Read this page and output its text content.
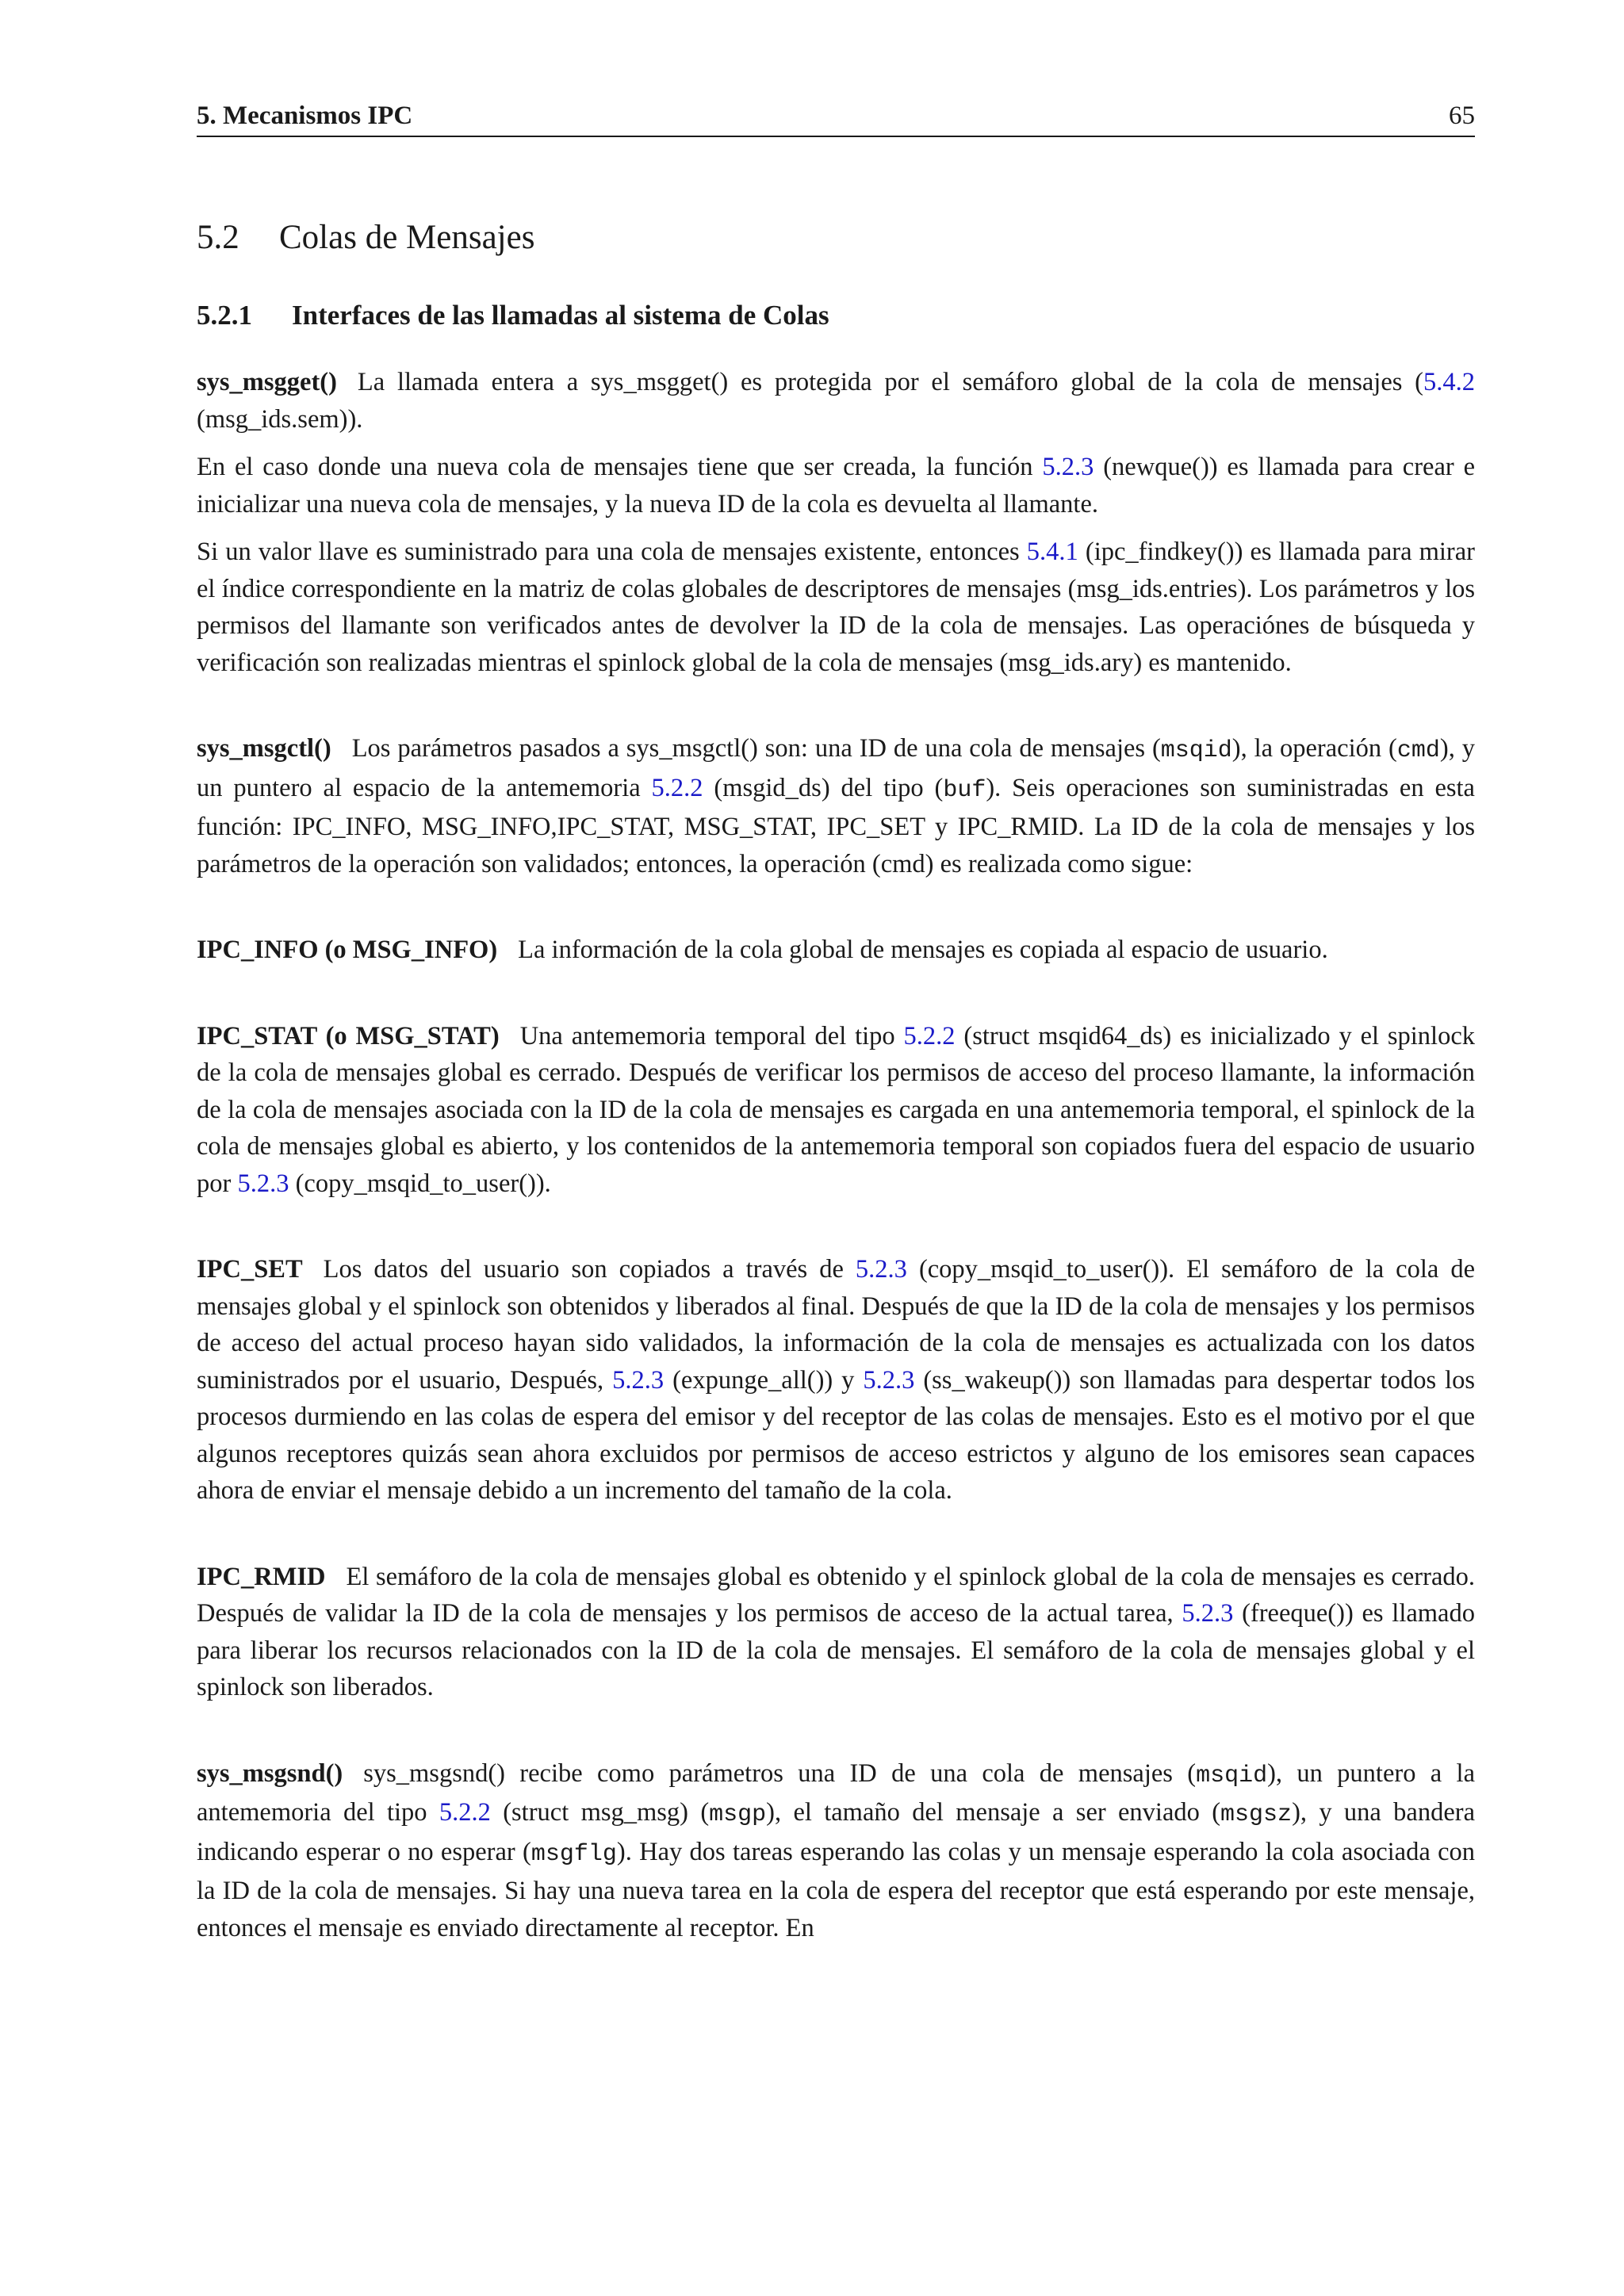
5. Mecanismos IPC	65
5.2 Colas de Mensajes
5.2.1 Interfaces de las llamadas al sistema de Colas

sys_msgget() La llamada entera a sys_msgget() es protegida por el semáforo global de la cola de mensajes (5.4.2 (msg_ids.sem)).

En el caso donde una nueva cola de mensajes tiene que ser creada, la función 5.2.3 (newque()) es llamada para crear e inicializar una nueva cola de mensajes, y la nueva ID de la cola es devuelta al llamante.

Si un valor llave es suministrado para una cola de mensajes existente, entonces 5.4.1 (ipc_findkey()) es llamada para mirar el índice correspondiente en la matriz de colas globales de descriptores de mensajes (msg_ids.entries). Los parámetros y los permisos del llamante son verificados antes de devolver la ID de la cola de mensajes. Las operaciónes de búsqueda y verificación son realizadas mientras el spinlock global de la cola de mensajes (msg_ids.ary) es mantenido.

sys_msgctl() Los parámetros pasados a sys_msgctl() son: una ID de una cola de mensajes (msqid), la operación (cmd), y un puntero al espacio de la antememoria 5.2.2 (msgid_ds) del tipo (buf). Seis operaciones son suministradas en esta función: IPC_INFO, MSG_INFO,IPC_STAT, MSG_STAT, IPC_SET y IPC_RMID. La ID de la cola de mensajes y los parámetros de la operación son validados; entonces, la operación (cmd) es realizada como sigue:

IPC_INFO (o MSG_INFO) La información de la cola global de mensajes es copiada al espacio de usuario.

IPC_STAT (o MSG_STAT) Una antememoria temporal del tipo 5.2.2 (struct msqid64_ds) es inicializado y el spinlock de la cola de mensajes global es cerrado. Después de verificar los permisos de acceso del proceso llamante, la información de la cola de mensajes asociada con la ID de la cola de mensajes es cargada en una antememoria temporal, el spinlock de la cola de mensajes global es abierto, y los contenidos de la antememoria temporal son copiados fuera del espacio de usuario por 5.2.3 (copy_msqid_to_user()).

IPC_SET Los datos del usuario son copiados a través de 5.2.3 (copy_msqid_to_user()). El semáforo de la cola de mensajes global y el spinlock son obtenidos y liberados al final. Después de que la ID de la cola de mensajes y los permisos de acceso del actual proceso hayan sido validados, la información de la cola de mensajes es actualizada con los datos suministrados por el usuario, Después, 5.2.3 (expunge_all()) y 5.2.3 (ss_wakeup()) son llamadas para despertar todos los procesos durmiendo en las colas de espera del emisor y del receptor de las colas de mensajes. Esto es el motivo por el que algunos receptores quizás sean ahora excluidos por permisos de acceso estrictos y alguno de los emisores sean capaces ahora de enviar el mensaje debido a un incremento del tamaño de la cola.

IPC_RMID El semáforo de la cola de mensajes global es obtenido y el spinlock global de la cola de mensajes es cerrado. Después de validar la ID de la cola de mensajes y los permisos de acceso de la actual tarea, 5.2.3 (freeque()) es llamado para liberar los recursos relacionados con la ID de la cola de mensajes. El semáforo de la cola de mensajes global y el spinlock son liberados.

sys_msgsnd() sys_msgsnd() recibe como parámetros una ID de una cola de mensajes (msqid), un puntero a la antememoria del tipo 5.2.2 (struct msg_msg) (msgp), el tamaño del mensaje a ser enviado (msgsz), y una bandera indicando esperar o no esperar (msgflg). Hay dos tareas esperando las colas y un mensaje esperando la cola asociada con la ID de la cola de mensajes. Si hay una nueva tarea en la cola de espera del receptor que está esperando por este mensaje, entonces el mensaje es enviado directamente al receptor. En
